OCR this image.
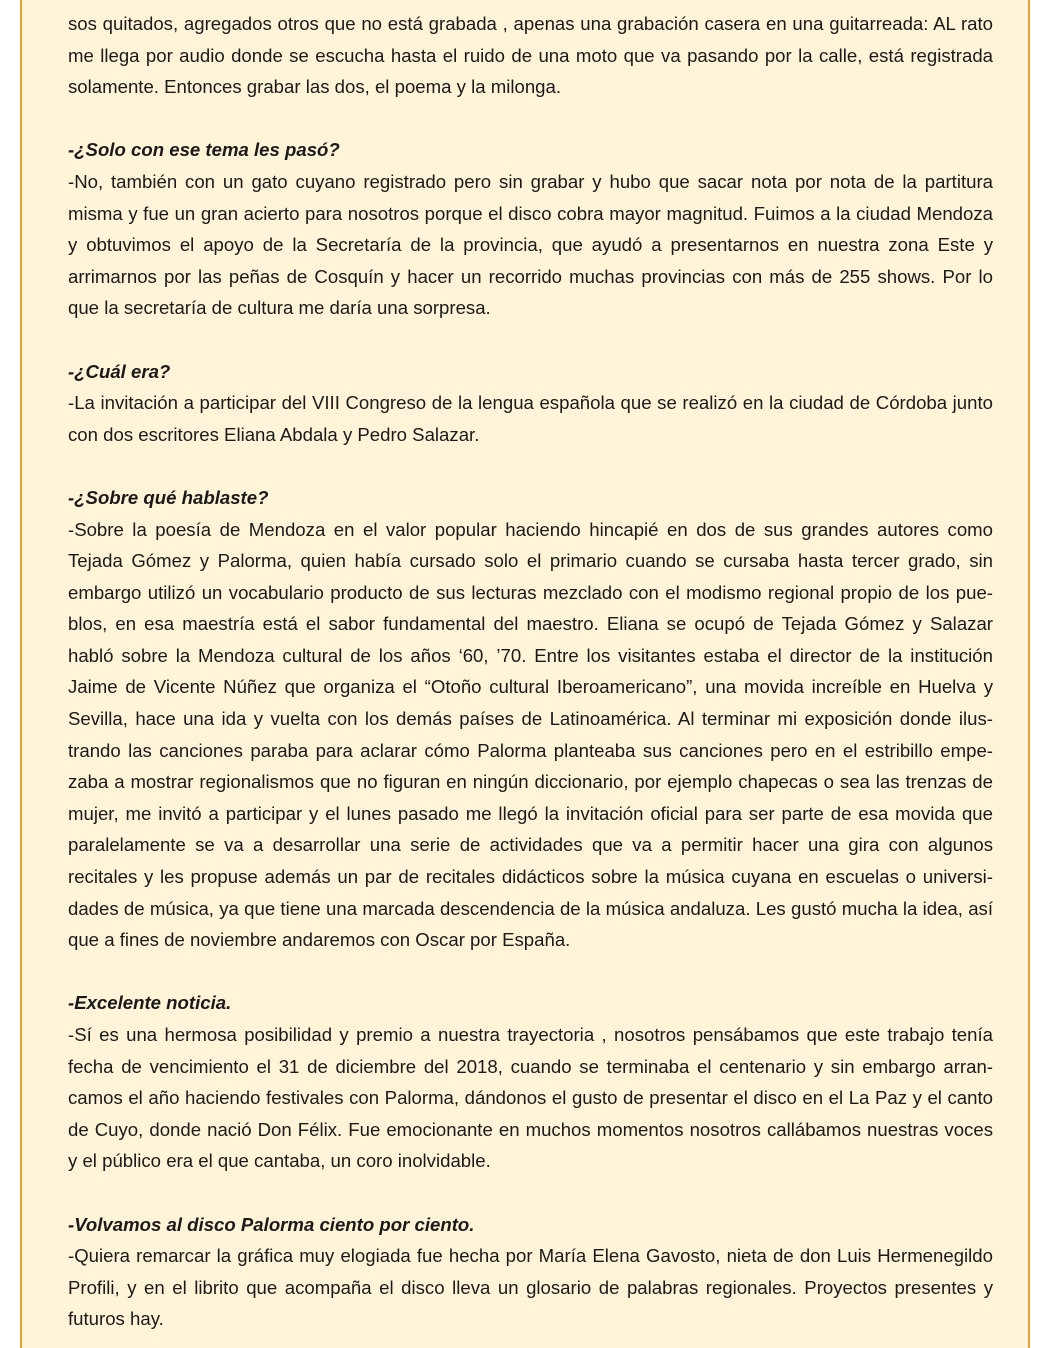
sos quitados, agregados otros que no está grabada , apenas una grabación casera en una guitarreada: AL rato me llega por audio donde se escucha hasta el ruido de una moto que va pasando por la calle, está registrada solamente. Entonces grabar las dos, el poema y la milonga.

-¿Solo con ese tema les pasó?

-No, también con un gato cuyano registrado pero sin grabar y hubo que sacar nota por nota de la partitura misma y fue un gran acierto para nosotros porque el disco cobra mayor magnitud. Fuimos a la ciudad Mendoza y obtuvimos el apoyo de la Secretaría de la provincia, que ayudó a presentarnos en nuestra zona Este y arrimarnos por las peñas de Cosquín y hacer un recorrido muchas provincias con más de 255 shows. Por lo que la secretaría de cultura me daría una sorpresa.

-¿Cuál era?

-La invitación a participar del VIII Congreso de la lengua española que se realizó en la ciudad de Córdoba junto con dos escritores Eliana Abdala y Pedro Salazar.

-¿Sobre qué hablaste?

-Sobre la poesía de Mendoza en el valor popular haciendo hincapié en dos de sus grandes autores como Tejada Gómez y Palorma, quien había cursado solo el primario cuando se cursaba hasta tercer grado, sin embargo utilizó un vocabulario producto de sus lecturas mezclado con el modismo regional propio de los pueblos, en esa maestría está el sabor fundamental del maestro. Eliana se ocupó de Tejada Gómez y Salazar habló sobre la Mendoza cultural de los años ‘60, ’70. Entre los visitantes estaba el director de la institución Jaime de Vicente Núñez que organiza el “Otoño cultural Iberoamericano”, una movida increíble en Huelva y Sevilla, hace una ida y vuelta con los demás países de Latinoamérica. Al terminar mi exposición donde ilustrando las canciones paraba para aclarar cómo Palorma planteaba sus canciones pero en el estribillo empezaba a mostrar regionalismos que no figuran en ningún diccionario, por ejemplo chapecas o sea las trenzas de mujer, me invitó a participar y el lunes pasado me llegó la invitación oficial para ser parte de esa movida que paralelamente se va a desarrollar una serie de actividades que va a permitir hacer una gira con algunos recitales y les propuse además un par de recitales didácticos sobre la música cuyana en escuelas o universidades de música, ya que tiene una marcada descendencia de la música andaluza. Les gustó mucha la idea, así que a fines de noviembre andaremos con Oscar por España.

-Excelente noticia.

-Sí es una hermosa posibilidad y premio a nuestra trayectoria , nosotros pensábamos que este trabajo tenía fecha de vencimiento el 31 de diciembre del 2018, cuando se terminaba el centenario y sin embargo arrancamos el año haciendo festivales con Palorma, dándonos el gusto de presentar el disco en el La Paz y el canto de Cuyo, donde nació Don Félix. Fue emocionante en muchos momentos nosotros callábamos nuestras voces y el público era el que cantaba, un coro inolvidable.

-Volvamos al disco Palorma ciento por ciento.

-Quiera remarcar la gráfica muy elogiada fue hecha por María Elena Gavosto, nieta de don Luis Hermenegildo Profili, y en el librito que acompaña el disco lleva un glosario de palabras regionales. Proyectos presentes y futuros hay.
